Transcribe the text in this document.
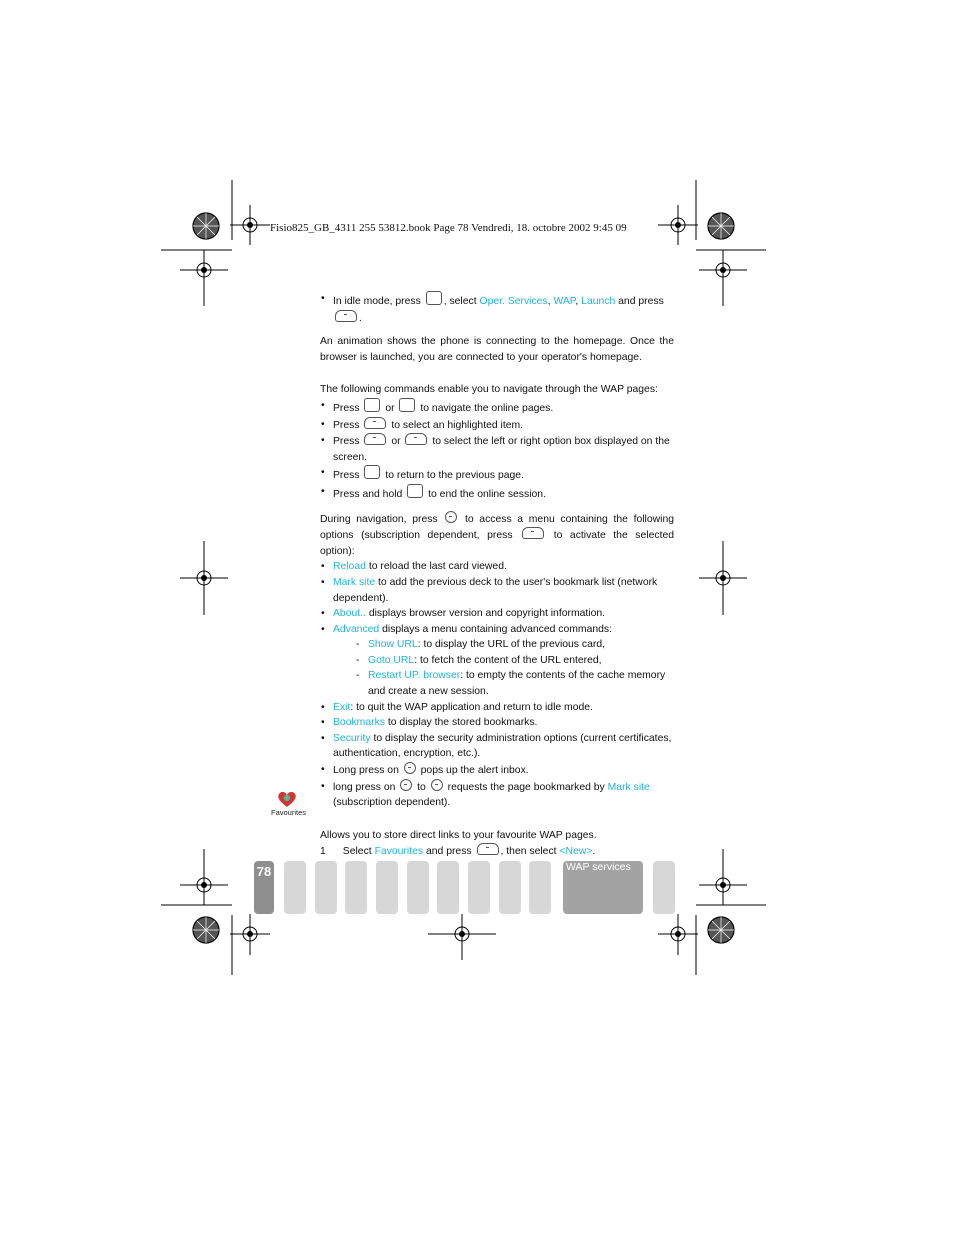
Fisio825_GB_4311 255 53812.book Page 78 Vendredi, 18. octobre 2002 9:45 09

• In idle mode, press , select Oper. Services, WAP, Launch and press
.

An animation shows the phone is connecting to the homepage. Once the browser is launched, you are connected to your operator's homepage.

The following commands enable you to navigate through the WAP pages:

• Press or to navigate the online pages.

• Press	to select an highlighted item.

• Press	or	to select the left or right option box displayed on the screen.

• Press to return to the previous page.

• Press and hold to end the online session.

During navigation, press	to access a menu containing the following options (subscription dependent, press	to activate the selected option):

• Reload to reload the last card viewed.

• Mark site to add the previous deck to the user's bookmark list (network dependent).

• About.. displays browser version and copyright information.

• Advanced displays a menu containing advanced commands:

- Show URL: to display the URL of the previous card,

- Goto URL: to fetch the content of the URL entered,

- Restart UP. browser: to empty the contents of the cache memory and create a new session.

• Exit: to quit the WAP application and return to idle mode.

• Bookmarks to display the stored bookmarks.

• Security to display the security administration options (current certificates, authentication, encryption, etc.).

• Long press on pops up the alert inbox.

• long press on to requests the page bookmarked by Mark site (subscription dependent).

Allows you to store direct links to your favourite WAP pages.

1 Select Favourites and press	, then select <New>.

Favourites
78	WAP services
